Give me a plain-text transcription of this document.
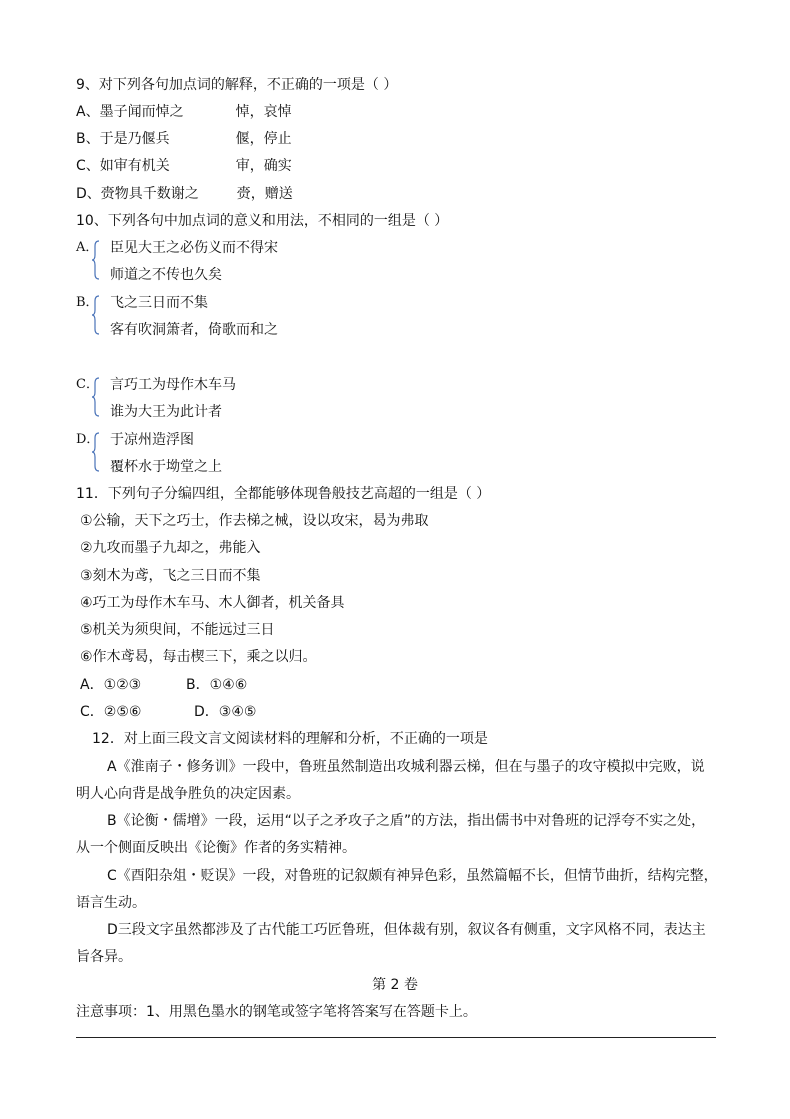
9、对下列各句加点词的解释，不正确的一项是（ ）
A、墨子闻而悼之	悼，哀悼
B、于是乃偃兵	偃，停止
C、如审有机关	审，确实
D、赍物具千数谢之	赍，赠送
10、下列各句中加点词的意义和用法，不相同的一组是（ ）
A． 臣见大王之必伤义而不得宋
师道之不传也久矣
B． 飞之三日而不集
客有吹洞箫者，倚歌而和之
C． 言巧工为母作木车马
谁为大王为此计者
D． 于凉州造浮图
覆杯水于坳堂之上
11．下列句子分编四组，全都能够体现鲁般技艺高超的一组是（ ）
①公输，天下之巧士，作去梯之械，设以攻宋，曷为弗取
②九攻而墨子九却之，弗能入
③刻木为鸢，飞之三日而不集
④巧工为母作木车马、木人御者，机关备具
⑤机关为须臾间，不能远过三日
⑥作木鸢曷，每击楔三下，乘之以归。
A．①②③	B．①④⑥
C．②⑤⑥	D．③④⑤
12．对上面三段文言文阅读材料的理解和分析，不正确的一项是
A《淮南子・修务训》一段中，鲁班虽然制造出攻城利器云梯，但在与墨子的攻守模拟中完败，说
明人心向背是战争胜负的决定因素。
B《论衡・儒增》一段，运用“以子之矛攻子之盾”的方法，指出儒书中对鲁班的记浮夸不实之处，
从一个侧面反映出《论衡》作者的务实精神。
C《酉阳杂俎・贬误》一段，对鲁班的记叙颇有神异色彩，虽然篇幅不长，但情节曲折，结构完整，
语言生动。
D三段文字虽然都涉及了古代能工巧匠鲁班，但体裁有别，叙议各有侧重，文字风格不同，表达主
旨各异。
第 2 卷
注意事项：1、用黑色墨水的钢笔或签字笔将答案写在答题卡上。
